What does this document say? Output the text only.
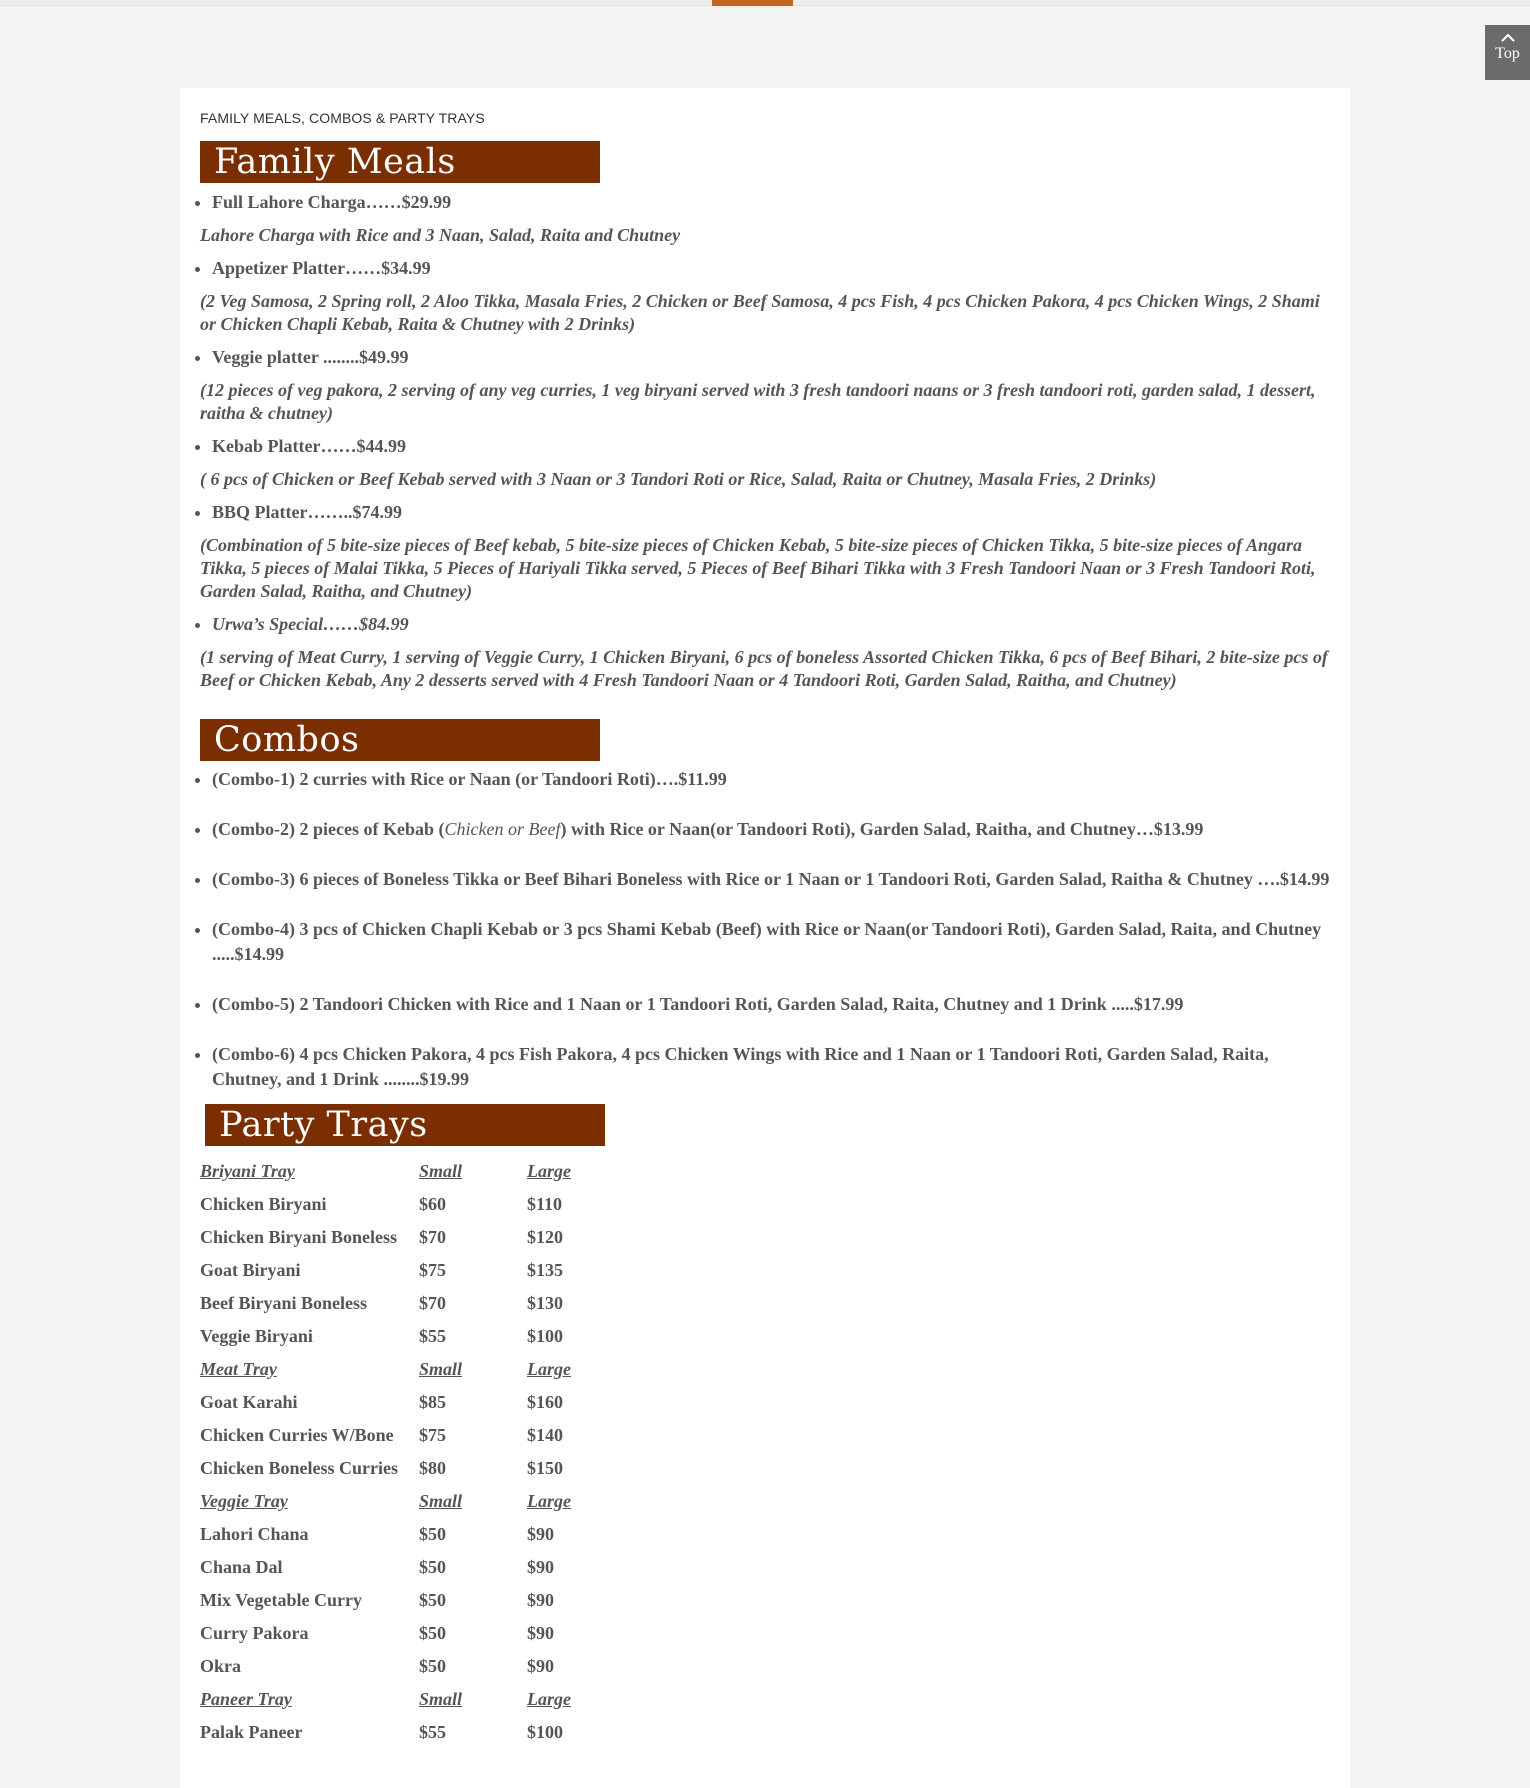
Top
FAMILY MEALS, COMBOS & PARTY TRAYS
Family Meals
• Full Lahore Charga……$29.99
Lahore Charga with Rice and 3 Naan, Salad, Raita and Chutney
• Appetizer Platter……$34.99
(2 Veg Samosa, 2 Spring roll, 2 Aloo Tikka, Masala Fries, 2 Chicken or Beef Samosa, 4 pcs Fish, 4 pcs Chicken Pakora, 4 pcs Chicken Wings, 2 Shami or Chicken Chapli Kebab, Raita & Chutney with 2 Drinks)
• Veggie platter ........$49.99
(12 pieces of veg pakora, 2 serving of any veg curries, 1 veg biryani served with 3 fresh tandoori naans or 3 fresh tandoori roti, garden salad, 1 dessert, raitha & chutney)
• Kebab Platter……$44.99
( 6 pcs of Chicken or Beef Kebab served with 3 Naan or 3 Tandori Roti or Rice, Salad, Raita or Chutney, Masala Fries, 2 Drinks)
• BBQ Platter……..$74.99
(Combination of 5 bite-size pieces of Beef kebab, 5 bite-size pieces of Chicken Kebab, 5 bite-size pieces of Chicken Tikka, 5 bite-size pieces of Angara Tikka, 5 pieces of Malai Tikka, 5 Pieces of Hariyali Tikka served, 5 Pieces of Beef Bihari Tikka with 3 Fresh Tandoori Naan or 3 Fresh Tandoori Roti, Garden Salad, Raitha, and Chutney)
• Urwa’s Special……$84.99
(1 serving of Meat Curry, 1 serving of Veggie Curry, 1 Chicken Biryani, 6 pcs of boneless Assorted Chicken Tikka, 6 pcs of Beef Bihari, 2 bite-size pcs of Beef or Chicken Kebab, Any 2 desserts served with 4 Fresh Tandoori Naan or 4 Tandoori Roti, Garden Salad, Raitha, and Chutney)
Combos
• (Combo-1) 2 curries with Rice or Naan (or Tandoori Roti)….$11.99
• (Combo-2) 2 pieces of Kebab (Chicken or Beef) with Rice or Naan(or Tandoori Roti), Garden Salad, Raitha, and Chutney…$13.99
• (Combo-3) 6 pieces of Boneless Tikka or Beef Bihari Boneless with Rice or 1 Naan or 1 Tandoori Roti, Garden Salad, Raitha & Chutney ….$14.99
• (Combo-4) 3 pcs of Chicken Chapli Kebab or 3 pcs Shami Kebab (Beef) with Rice or Naan(or Tandoori Roti), Garden Salad, Raita, and Chutney .....$14.99
• (Combo-5) 2 Tandoori Chicken with Rice and 1 Naan or 1 Tandoori Roti, Garden Salad, Raita, Chutney and 1 Drink .....$17.99
• (Combo-6) 4 pcs Chicken Pakora, 4 pcs Fish Pakora, 4 pcs Chicken Wings with Rice and 1 Naan or 1 Tandoori Roti, Garden Salad, Raita, Chutney, and 1 Drink ........$19.99
Party Trays
Briyani Tray	Small	Large
Chicken Biryani	$60	$110
Chicken Biryani Boneless	$70	$120
Goat Biryani	$75	$135
Beef Biryani Boneless	$70	$130
Veggie Biryani	$55	$100
Meat Tray	Small	Large
Goat Karahi	$85	$160
Chicken Curries W/Bone	$75	$140
Chicken Boneless Curries	$80	$150
Veggie Tray	Small	Large
Lahori Chana	$50	$90
Chana Dal	$50	$90
Mix Vegetable Curry	$50	$90
Curry Pakora	$50	$90
Okra	$50	$90
Paneer Tray	Small	Large
Palak Paneer	$55	$100
